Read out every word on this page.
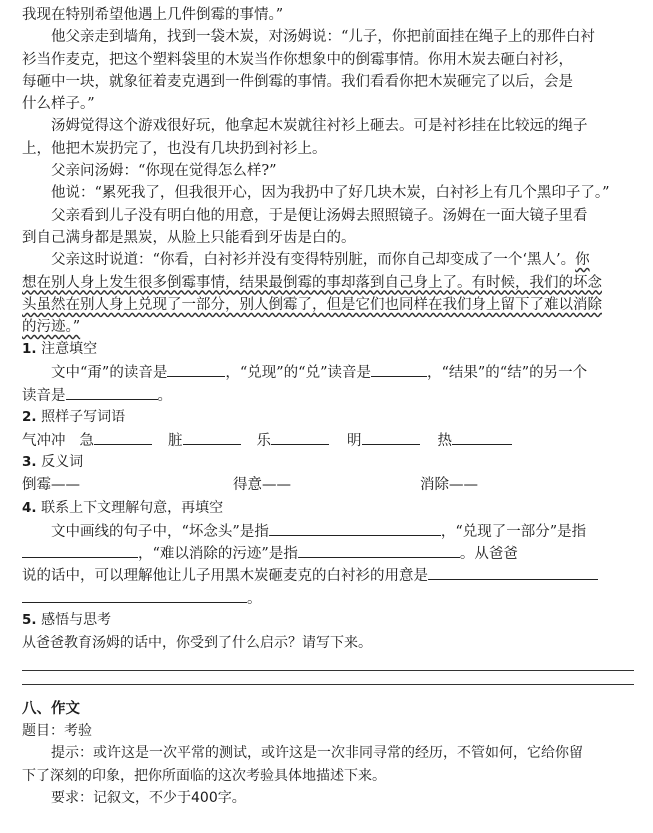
我现在特别希望他遇上几件倒霉的事情。”
他父亲走到墙角，找到一袋木炭，对汤姆说：“儿子，你把前面挂在绳子上的那件白衬
衫当作麦克，把这个塑料袋里的木炭当作你想象中的倒霉事情。你用木炭去砸白衬衫，
每砸中一块，就象征着麦克遇到一件倒霉的事情。我们看看你把木炭砸完了以后，会是
什么样子。”
汤姆觉得这个游戏很好玩，他拿起木炭就往衬衫上砸去。可是衬衫挂在比较远的绳子
上，他把木炭扔完了，也没有几块扔到衬衫上。
父亲问汤姆：“你现在觉得怎么样?”
他说：“累死我了，但我很开心，因为我扔中了好几块木炭，白衬衫上有几个黑印子了。”
父亲看到儿子没有明白他的用意，于是便让汤姆去照照镜子。汤姆在一面大镜子里看
到自己满身都是黑炭，从脸上只能看到牙齿是白的。
父亲这时说道：“你看，白衬衫并没有变得特别脏，而你自己却变成了一个‘黑人’。你
想在别人身上发生很多倒霉事情，结果最倒霉的事却落到自己身上了。有时候，我们的坏念
头虽然在别人身上兑现了一部分，别人倒霉了，但是它们也同样在我们身上留下了难以消除
的污迹。”
1. 注意填空
文中“甭”的读音是	，“兑现”的“兑”读音是	，“结果”的“结”的另一个
读音是	。
2. 照样子写词语
气冲冲 急	脏	乐	明	热
3. 反义词
倒霉——	得意——	消除——
4. 联系上下文理解句意，再填空
文中画线的句子中，“坏念头”是指	，“兑现了一部分”是指
，“难以消除的污迹”是指	。从爸爸
说的话中，可以理解他让儿子用黑木炭砸麦克的白衬衫的用意是
。
5. 感悟与思考
从爸爸教育汤姆的话中，你受到了什么启示？请写下来。
八、作文
题目：考验
提示：或许这是一次平常的测试，或许这是一次非同寻常的经历，不管如何，它给你留
下了深刻的印象，把你所面临的这次考验具体地描述下来。
要求：记叙文，不少于400字。
